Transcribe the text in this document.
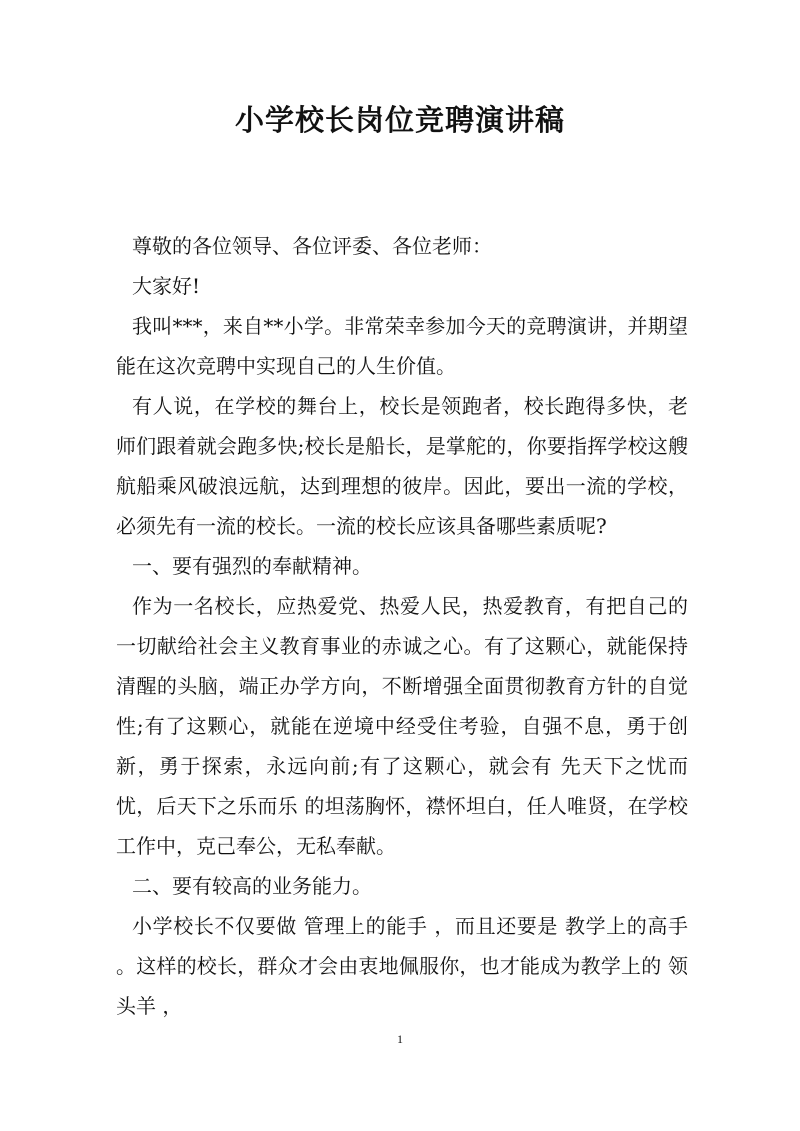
小学校长岗位竞聘演讲稿

尊敬的各位领导、各位评委、各位老师：

大家好!

我叫***，来自**小学。非常荣幸参加今天的竞聘演讲，并期望能在这次竞聘中实现自己的人生价值。

有人说，在学校的舞台上，校长是领跑者，校长跑得多快，老师们跟着就会跑多快;校长是船长，是掌舵的，你要指挥学校这艘航船乘风破浪远航，达到理想的彼岸。因此，要出一流的学校，必须先有一流的校长。一流的校长应该具备哪些素质呢?

一、要有强烈的奉献精神。

作为一名校长，应热爱党、热爱人民，热爱教育，有把自己的一切献给社会主义教育事业的赤诚之心。有了这颗心，就能保持清醒的头脑，端正办学方向，不断增强全面贯彻教育方针的自觉性;有了这颗心，就能在逆境中经受住考验，自强不息，勇于创新，勇于探索，永远向前;有了这颗心，就会有 先天下之忧而忧，后天下之乐而乐 的坦荡胸怀，襟怀坦白，任人唯贤，在学校工作中，克己奉公，无私奉献。

二、要有较高的业务能力。

小学校长不仅要做 管理上的能手 ，而且还要是 教学上的高手 。这样的校长，群众才会由衷地佩服你，也才能成为教学上的 领头羊 ，

1
